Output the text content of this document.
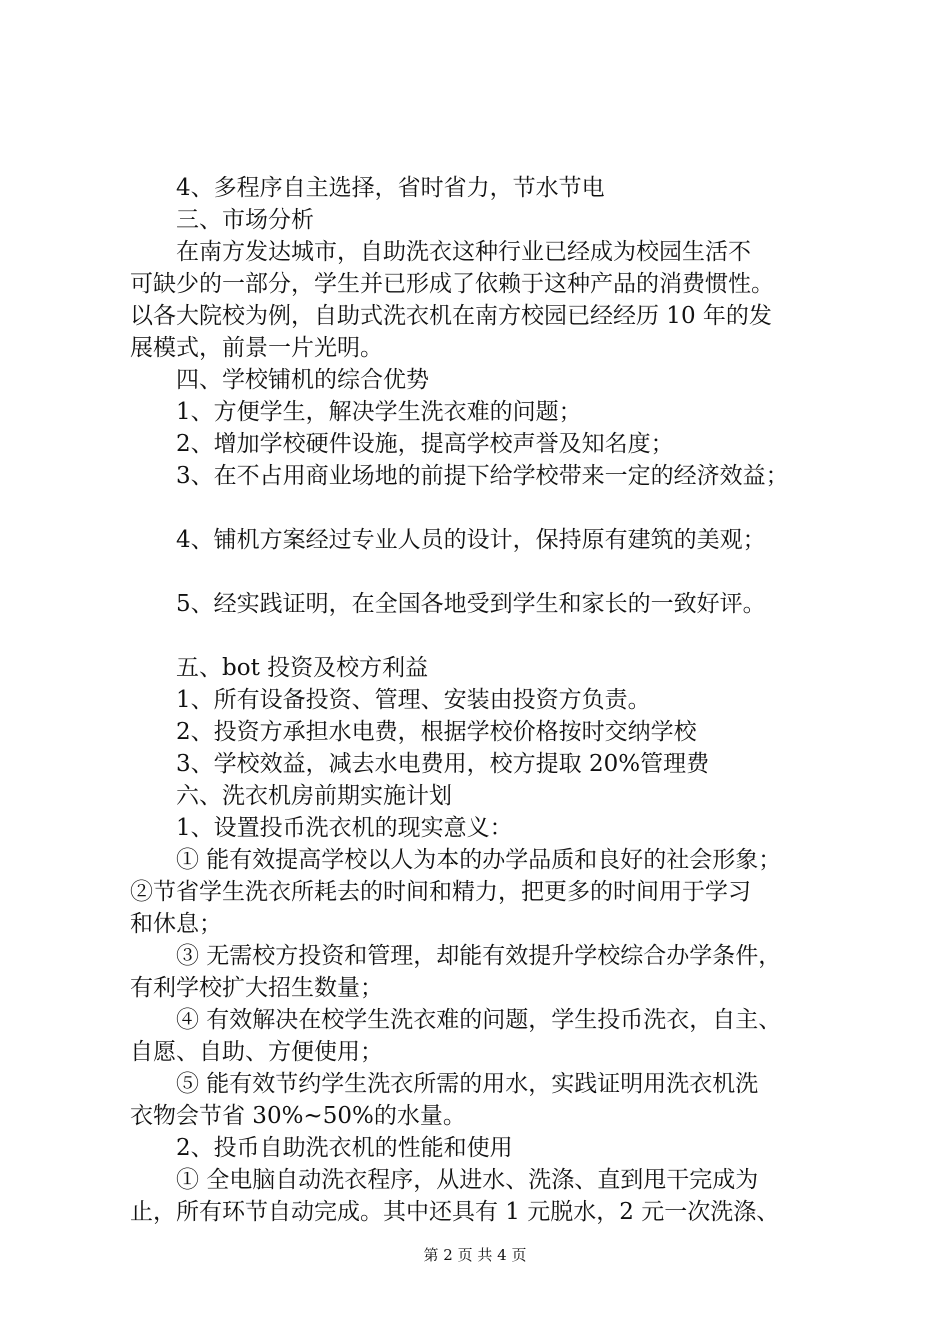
4、多程序自主选择，省时省力，节水节电
三、市场分析
在南方发达城市，自助洗衣这种行业已经成为校园生活不
可缺少的一部分，学生并已形成了依赖于这种产品的消费惯性。
以各大院校为例，自助式洗衣机在南方校园已经经历 10 年的发
展模式，前景一片光明。
四、学校铺机的综合优势
1、方便学生，解决学生洗衣难的问题；
2、增加学校硬件设施，提高学校声誉及知名度；
3、在不占用商业场地的前提下给学校带来一定的经济效益；
4、铺机方案经过专业人员的设计，保持原有建筑的美观；
5、经实践证明，在全国各地受到学生和家长的一致好评。
五、bot 投资及校方利益
1、所有设备投资、管理、安装由投资方负责。
2、投资方承担水电费，根据学校价格按时交纳学校
3、学校效益，减去水电费用，校方提取 20%管理费
六、洗衣机房前期实施计划
1、设置投币洗衣机的现实意义：
① 能有效提高学校以人为本的办学品质和良好的社会形象；
②节省学生洗衣所耗去的时间和精力，把更多的时间用于学习
和休息；
③ 无需校方投资和管理，却能有效提升学校综合办学条件，
有利学校扩大招生数量；
④ 有效解决在校学生洗衣难的问题，学生投币洗衣，自主、
自愿、自助、方便使用；
⑤ 能有效节约学生洗衣所需的用水，实践证明用洗衣机洗
衣物会节省 30%~50%的水量。
2、投币自助洗衣机的性能和使用
① 全电脑自动洗衣程序，从进水、洗涤、直到甩干完成为
止，所有环节自动完成。其中还具有 1 元脱水，2 元一次洗涤、
第 2 页 共 4 页
